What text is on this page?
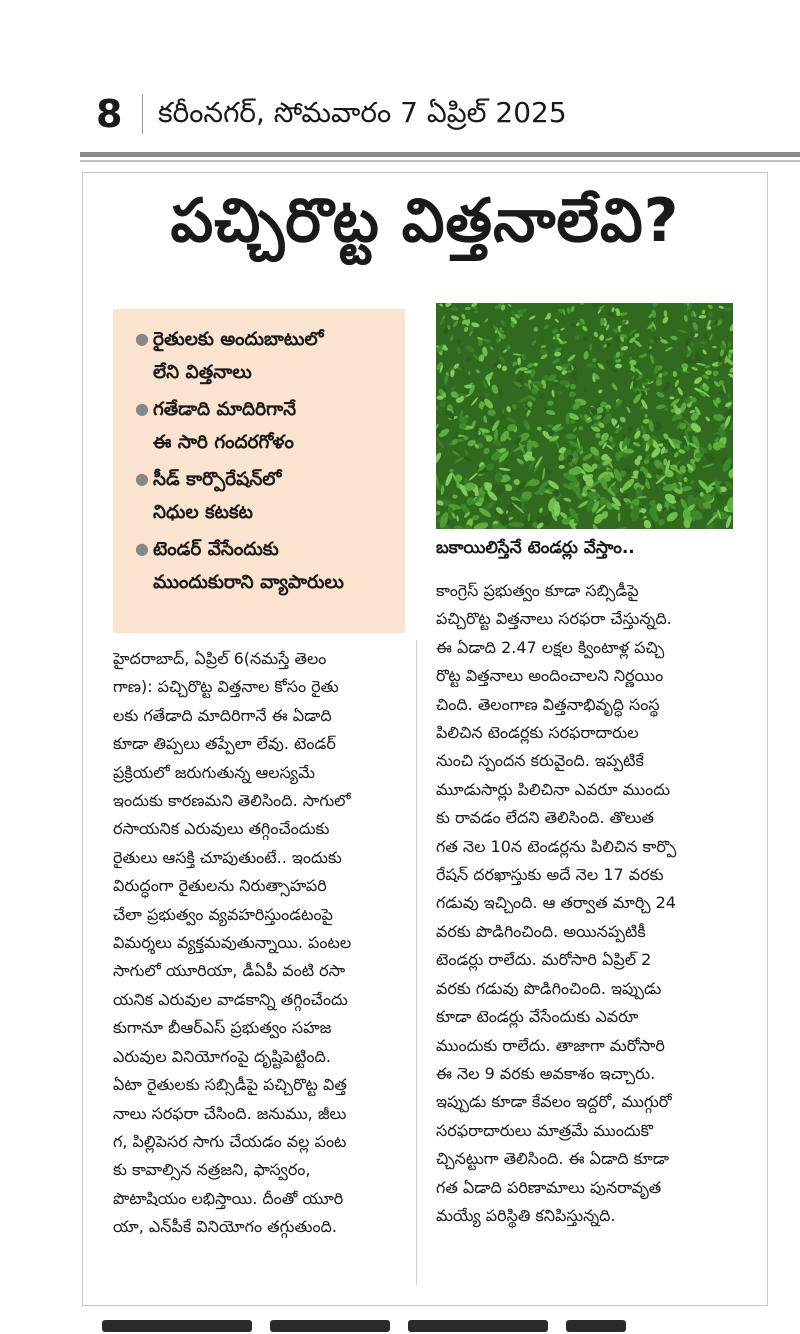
8 కరీంనగర్, సోమవారం 7 ఏప్రిల్ 2025
పచ్చిరొట్ట విత్తనాలేవి?
● రైతులకు అందుబాటులో
లేని విత్తనాలు
● గతేడాది మాదిరిగానే
ఈ సారి గందరగోళం
● సీడ్ కార్పొరేషన్‌లో
నిధుల కటకట
● టెండర్ వేసేందుకు
ముందుకురాని వ్యాపారులు
బకాయిలిస్తేనే టెండర్లు వేస్తాం..
హైదరాబాద్, ఏప్రిల్ 6(నమస్తే తెలం
గాణ): పచ్చిరొట్ట విత్తనాల కోసం రైతు
లకు గతేడాది మాదిరిగానే ఈ ఏడాది
కూడా తిప్పలు తప్పేలా లేవు. టెండర్
ప్రక్రియలో జరుగుతున్న ఆలస్యమే
ఇందుకు కారణమని తెలిసింది. సాగులో
రసాయనిక ఎరువులు తగ్గించేందుకు
రైతులు ఆసక్తి చూపుతుంటే.. ఇందుకు
విరుద్ధంగా రైతులను నిరుత్సాహపరి
చేలా ప్రభుత్వం వ్యవహరిస్తుండటంపై
విమర్శలు వ్యక్తమవుతున్నాయి. పంటల
సాగులో యూరియా, డీఏపీ వంటి రసా
యనిక ఎరువుల వాడకాన్ని తగ్గించేందు
కుగానూ బీఆర్ఎస్ ప్రభుత్వం సహజ
ఎరువుల వినియోగంపై దృష్టిపెట్టింది.
ఏటా రైతులకు సబ్సిడీపై పచ్చిరొట్ట విత్త
నాలు సరఫరా చేసింది. జనుము, జీలు
గ, పిల్లిపెసర సాగు చేయడం వల్ల పంట
కు కావాల్సిన నత్రజని, ఫాస్వరం,
పొటాషియం లభిస్తాయి. దీంతో యూరి
యా, ఎన్‌పీకే వినియోగం తగ్గుతుంది.
కాంగ్రెస్ ప్రభుత్వం కూడా సబ్సిడీపై
పచ్చిరొట్ట విత్తనాలు సరఫరా చేస్తున్నది.
ఈ ఏడాది 2.47 లక్షల క్వింటాళ్ల పచ్చి
రొట్ట విత్తనాలు అందించాలని నిర్ణయిం
చింది. తెలంగాణ విత్తనాభివృద్ధి సంస్థ
పిలిచిన టెండర్లకు సరఫరాదారుల
నుంచి స్పందన కరువైంది. ఇప్పటికే
మూడుసార్లు పిలిచినా ఎవరూ ముందు
కు రావడం లేదని తెలిసింది. తొలుత
గత నెల 10న టెండర్లను పిలిచిన కార్పొ
రేషన్ దరఖాస్తుకు అదే నెల 17 వరకు
గడువు ఇచ్చింది. ఆ తర్వాత మార్చి 24
వరకు పొడిగించింది. అయినప్పటికీ
టెండర్లు రాలేదు. మరోసారి ఏప్రిల్ 2
వరకు గడువు పొడిగించింది. ఇప్పుడు
కూడా టెండర్లు వేసేందుకు ఎవరూ
ముందుకు రాలేదు. తాజాగా మరోసారి
ఈ నెల 9 వరకు అవకాశం ఇచ్చారు.
ఇప్పుడు కూడా కేవలం ఇద్దరో, ముగ్గురో
సరఫరాదారులు మాత్రమే ముందుకొ
చ్చినట్టుగా తెలిసింది. ఈ ఏడాది కూడా
గత ఏడాది పరిణామాలు పునరావృత
మయ్యే పరిస్థితి కనిపిస్తున్నది.
